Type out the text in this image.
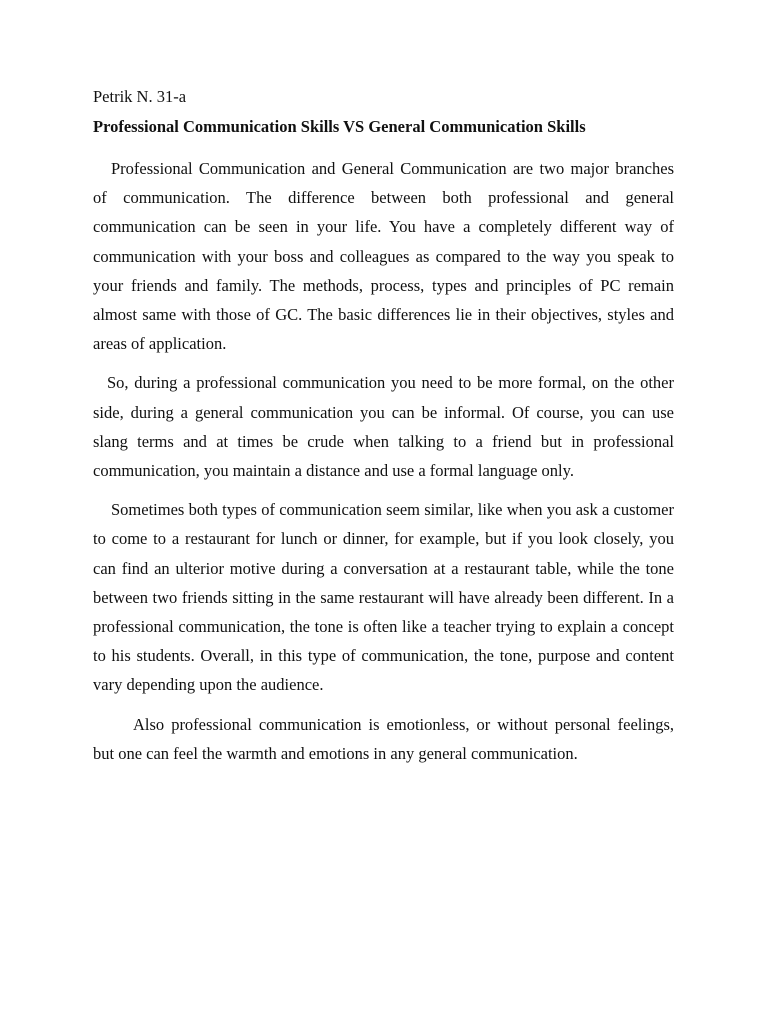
Petrik N. 31-a

Professional Communication Skills VS General Communication Skills

Professional Communication and General Communication are two major branches of communication. The difference between both professional and general communication can be seen in your life. You have a completely different way of communication with your boss and colleagues as compared to the way you speak to your friends and family. The methods, process, types and principles of PC remain almost same with those of GC. The basic differences lie in their objectives, styles and areas of application.

So, during a professional communication you need to be more formal, on the other side, during a general communication you can be informal. Of course, you can use slang terms and at times be crude when talking to a friend but in professional communication, you maintain a distance and use a formal language only.

Sometimes both types of communication seem similar, like when you ask a customer to come to a restaurant for lunch or dinner, for example, but if you look closely, you can find an ulterior motive during a conversation at a restaurant table, while the tone between two friends sitting in the same restaurant will have already been different. In a professional communication, the tone is often like a teacher trying to explain a concept to his students. Overall, in this type of communication, the tone, purpose and content vary depending upon the audience.

Also professional communication is emotionless, or without personal feelings, but one can feel the warmth and emotions in any general communication.
